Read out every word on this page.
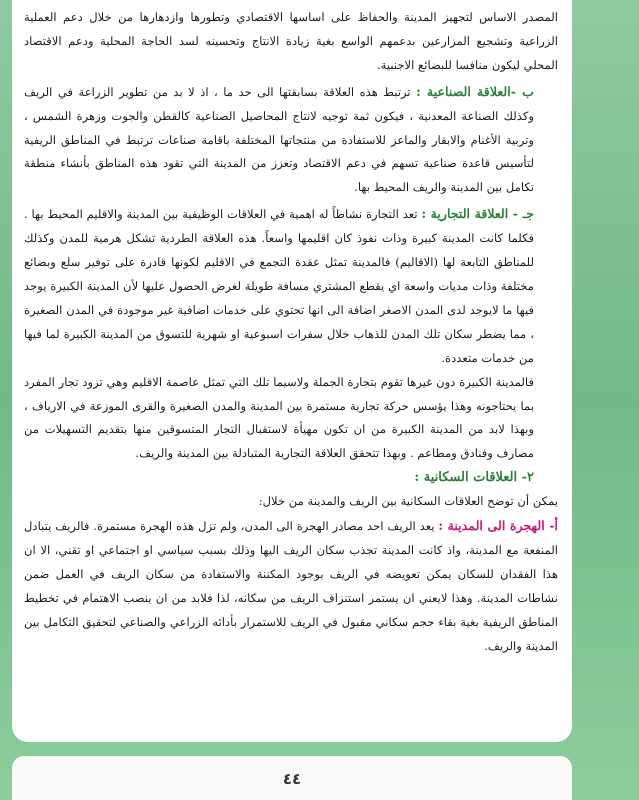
المصدر الاساس لتجهيز المدينة والحفاظ على اساسها الاقتصادي وتطورها وازدهارها من خلال دعم العملية الزراعية وتشجيع المزارعين بدعمهم الواسع بغية زيادة الانتاج وتحسينه لسد الحاجة المحلية ودعم الاقتصاد المحلي ليكون منافسا للبضائع الاجنبية.

ب -العلاقة الصناعية : ترتبط هذه العلاقة بسابقتها الى حد ما ، اذ لا بد من تطوير الزراعة في الريف وكذلك الصناعة المعدنية ، فيكون ثمة توجيه لانتاج المحاصيل الصناعية كالقطن والجوت وزهرة الشمس ، وتربية الأغنام والابقار والماعز للاستفادة من منتجاتها المختلفة باقامة صناعات ترتبط في المناطق الريفية لتأسيس قاعدة صناعية تسهم في دعم الاقتصاد وتعزز من المدينة التي تقود هذه المناطق بأنشاء منطقة تكامل بين المدينة والريف المحيط بها.

جـ - العلاقة التجارية : تعد التجارة نشاطاً له اهمية في العلاقات الوظيفية بين المدينة والاقليم المحيط بها . فكلما كانت المدينة كبيرة وذات نفوذ كان اقليمها واسعاً. هذه العلاقة الطردية تشكل هرمية للمدن وكذلك للمناطق التابعة لها (الاقاليم) فالمدينة تمثل عقدة التجمع في الاقليم لكونها قادرة على توفير سلع وبضائع مختلفة وذات مديات واسعة اي يقطع المشتري مسافة طويلة لغرض الحصول عليها لأن المدينة الكبيرة يوجد فيها ما لايوجد لدى المدن الاصغر اضافة الى انها تحتوي على خدمات اضافية غير موجودة في المدن الصغيرة ، مما يضطر سكان تلك المدن للذهاب خلال سفرات اسبوعية او شهرية للتسوق من المدينة الكبيرة لما فيها من خدمات متعددة.

فالمدينة الكبيرة دون غيرها تقوم بتجارة الجملة ولاسيما تلك التي تمثل عاصمة الاقليم وهي تزود تجار المفرد بما يحتاجونه وهذا يؤسس حركة تجارية مستمرة بين المدينة والمدن الصغيرة والقرى الموزعة في الارياف ، وبهذا لابد من المدينة الكبيرة من ان تكون مهيأة لاستقبال التجار المتسوقين منها بتقديم التسهيلات من مصارف وفنادق ومطاعم . وبهذا تتحقق العلاقة التجارية المتبادلة بين المدينة والريف.

٢- العلاقات السكانية :

يمكن أن توضح العلاقات السكانية بين الريف والمدينة من خلال:

أ- الهجرة الى المدينة : يعد الريف احد مصادر الهجرة الى المدن، ولم تزل هذه الهجرة مستمرة. فالريف يتبادل المنفعة مع المدينة، واذ كانت المدينة تجذب سكان الريف اليها وذلك بسبب سياسي او اجتماعي او تقني، الا ان هذا الفقدان للسكان يمكن تعويضه في الريف بوجود المكننة والاستفادة من سكان الريف في العمل ضمن نشاطات المدينة. وهذا لايعني ان يستمر استنزاف الريف من سكانه، لذا فلابد من ان ينصب الاهتمام في تخطيط المناطق الريفية بغية بقاء حجم سكاني مقبول في الريف للاستمرار بأدائه الزراعي والصناعي لتحقيق التكامل بين المدينة والريف.

٤٤
